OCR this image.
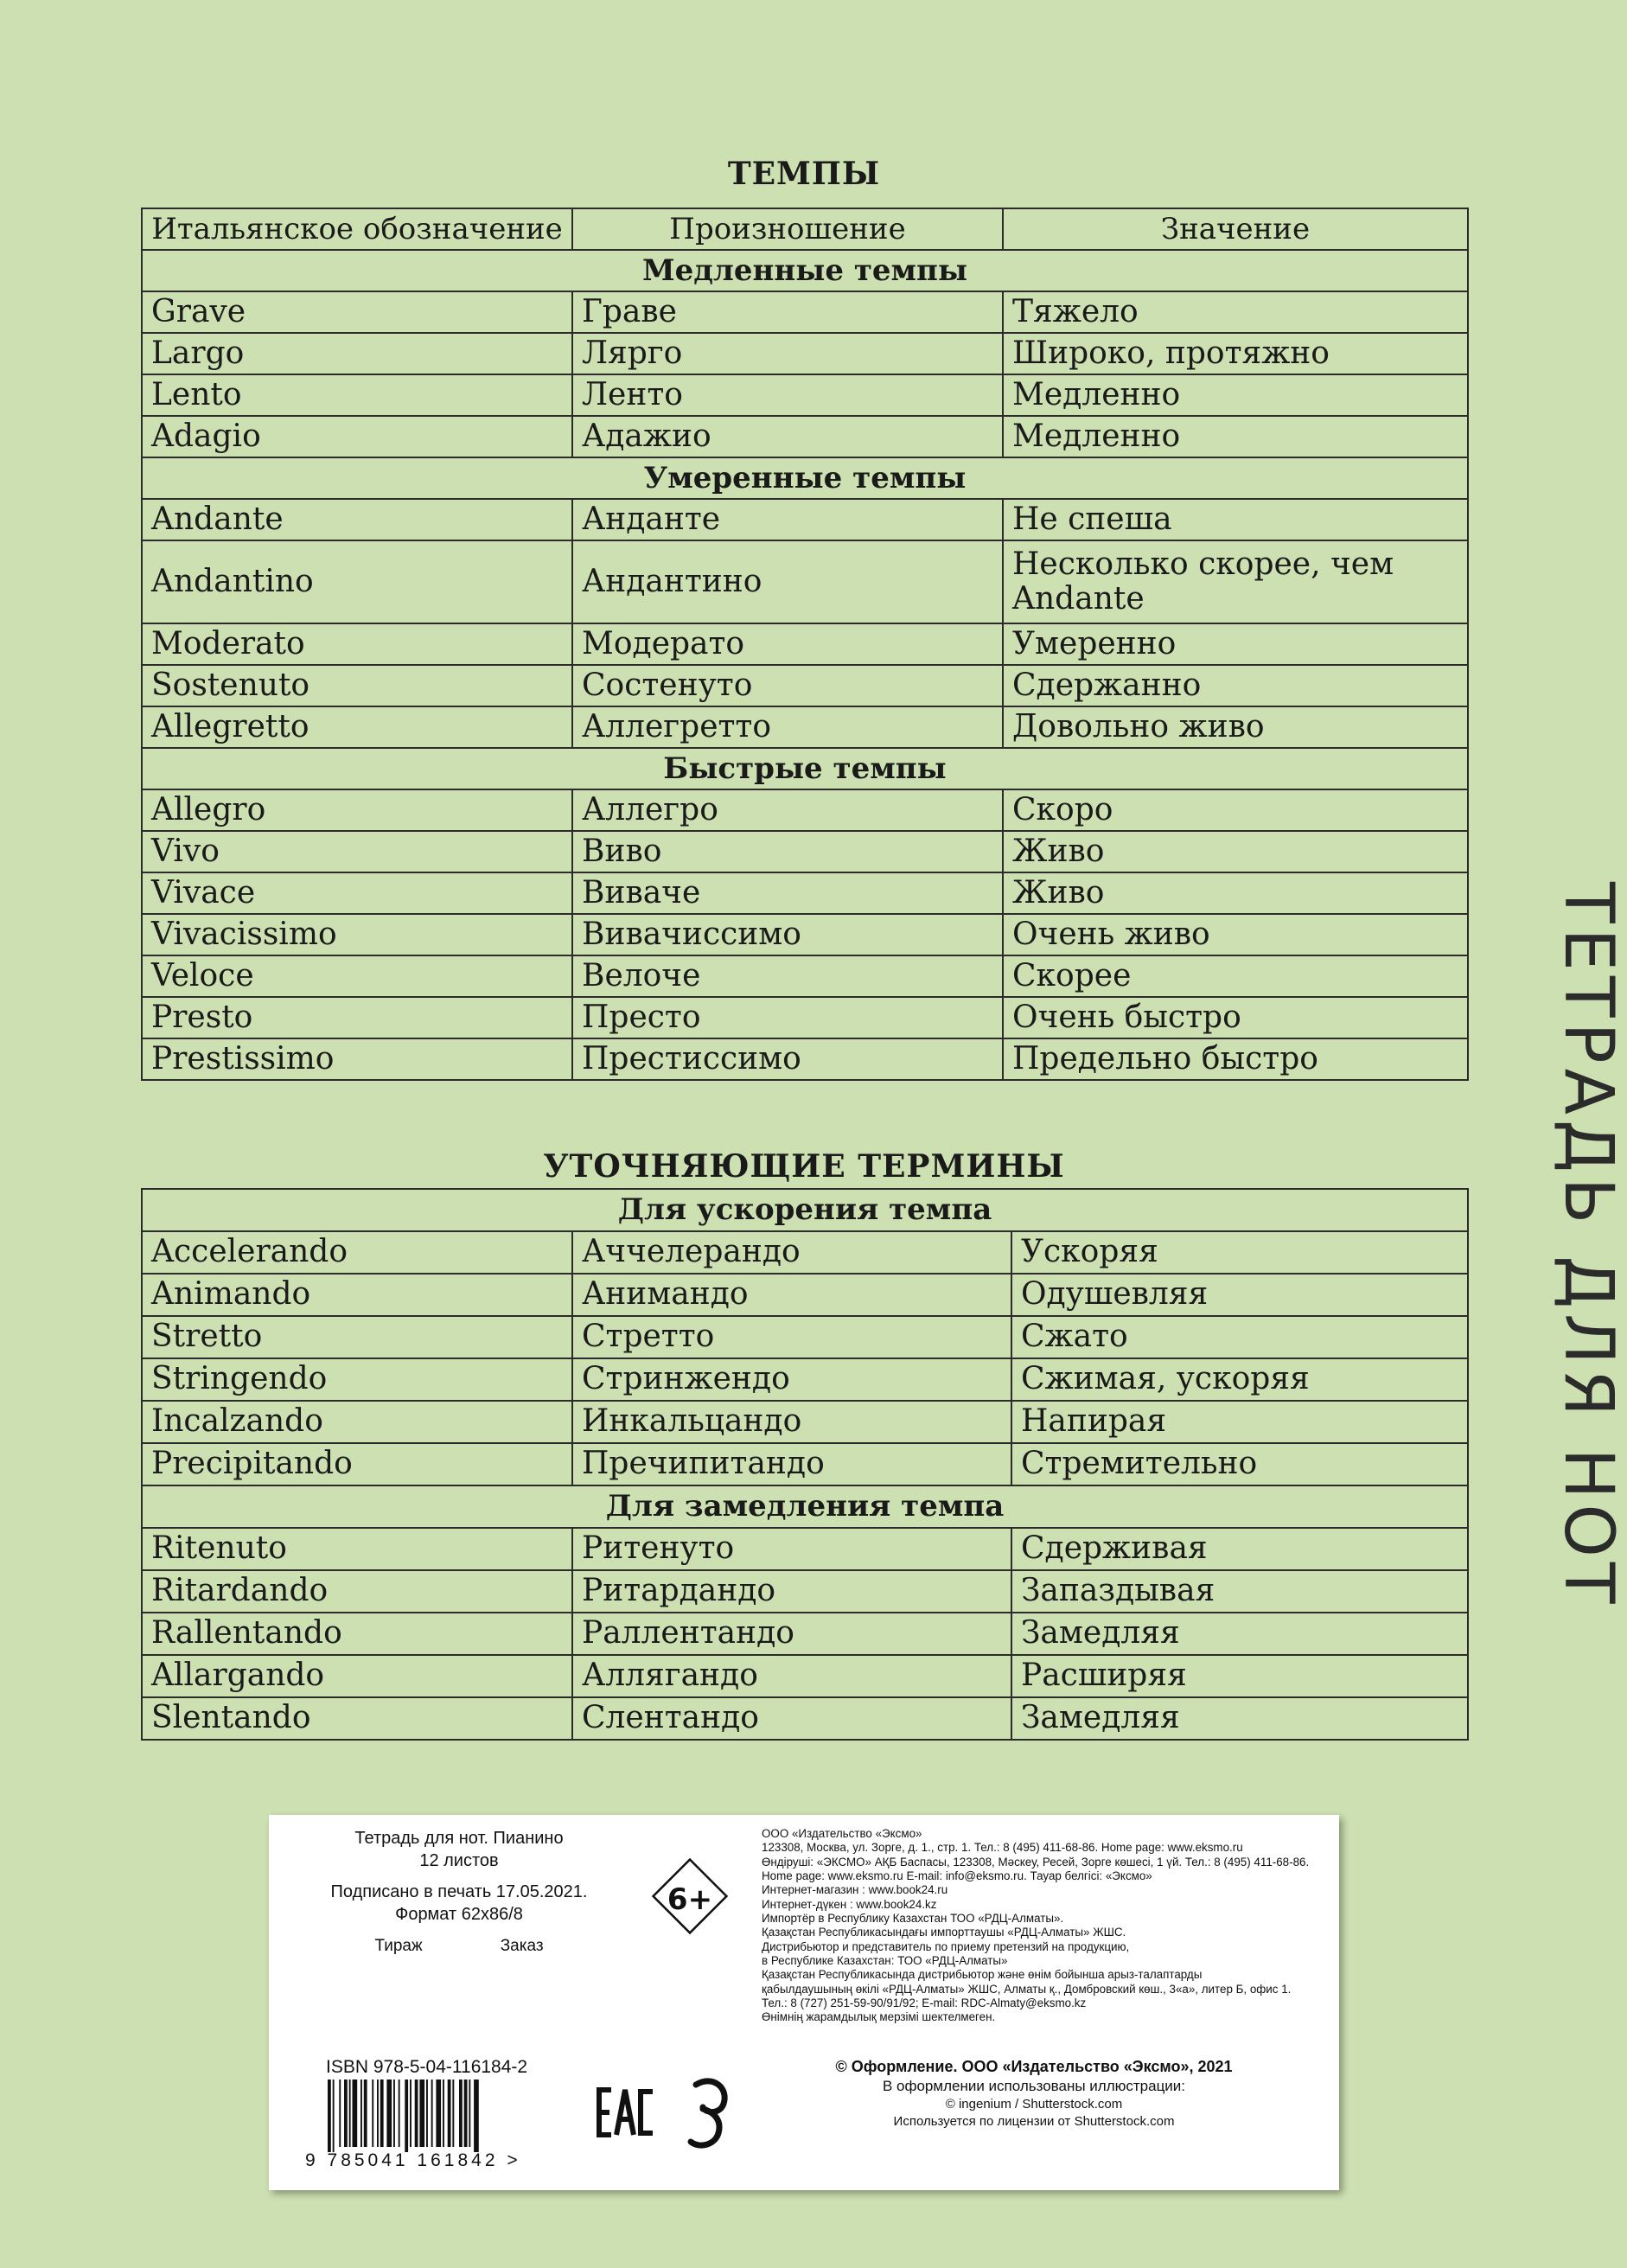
ТЕМПЫ
Итальянское обозначение	Произношение	Значение
Медленные темпы		
Grave	Граве	Тяжело
Largo	Лярго	Широко, протяжно
Lento	Ленто	Медленно
Adagio	Адажио	Медленно
Умеренные темпы		
Andante	Анданте	Не спеша
Andantino	Андантино	Несколько скорее, чем Andante
Moderato	Модерато	Умеренно
Sostenuto	Состенуто	Сдержанно
Allegretto	Аллегретто	Довольно живо
Быстрые темпы		
Allegro	Аллегро	Скоро
Vivo	Виво	Живо
Vivace	Виваче	Живо
Vivacissimo	Вивачиссимо	Очень живо
Veloce	Велоче	Скорее
Presto	Престо	Очень быстро
Prestissimo	Престиссимо	Предельно быстро
УТОЧНЯЮЩИЕ ТЕРМИНЫ
Для ускорения темпа		
Accelerando	Аччелерандо	Ускоряя
Animando	Анимандо	Одушевляя
Stretto	Стретто	Сжато
Stringendo	Стринжендо	Сжимая, ускоряя
Incalzando	Инкальцандо	Напирая
Precipitando	Пречипитандо	Стремительно
Для замедления темпа		
Ritenuto	Ритенуто	Сдерживая
Ritardando	Ритардандо	Запаздывая
Rallentando	Раллентандо	Замедляя
Allargando	Аллягандо	Расширяя
Slentando	Слентандо	Замедляя
ТЕТРАДЬ ДЛЯ НОТ
Тетрадь для нот. Пианино
12 листов
Подписано в печать 17.05.2021.
Формат 62x86/8
Тираж	Заказ
6+
ООО «Издательство «Эксмо»
123308, Москва, ул. Зорге, д. 1., стр. 1. Тел.: 8 (495) 411-68-86. Home page: www.eksmo.ru
Өндіруші: «ЭКСМО» АҚБ Баспасы, 123308, Мәскеу, Ресей, Зорге көшесі, 1 үй. Тел.: 8 (495) 411-68-86.
Home page: www.eksmo.ru E-mail: info@eksmo.ru. Тауар белгісі: «Эксмо»
Интернет-магазин : www.book24.ru
Интернет-дүкен : www.book24.kz
Импортёр в Республику Казахстан ТОО «РДЦ-Алматы».
Қазақстан Республикасындағы импорттаушы «РДЦ-Алматы» ЖШС.
Дистрибьютор и представитель по приему претензий на продукцию,
в Республике Казахстан: ТОО «РДЦ-Алматы»
Қазақстан Республикасында дистрибьютор және өнім бойынша арыз-талаптарды
қабылдаушының өкілі «РДЦ-Алматы» ЖШС, Алматы қ., Домбровский көш., 3«а», литер Б, офис 1.
Тел.: 8 (727) 251-59-90/91/92; E-mail: RDC-Almaty@eksmo.kz
Өнімнің жарамдылық мерзімі шектелмеген.
ISBN 978-5-04-116184-2
9 785041 161842 >
© Оформление. ООО «Издательство «Эксмо», 2021
В оформлении использованы иллюстрации:
© ingenium / Shutterstock.com
Используется по лицензии от Shutterstock.com
